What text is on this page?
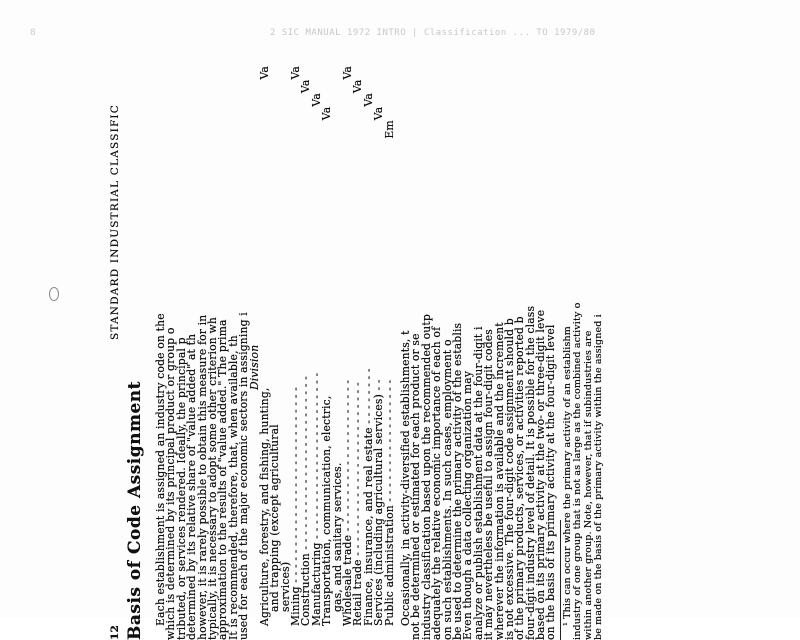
8	2 SIC MANUAL 1972 INTRO | Classification ... TO 1979/80
12
STANDARD INDUSTRIAL CLASSIFIC
Basis of Code Assignment Each establishment is assigned an industry code on the
which is determined by its principal product or group o
tributed, or services rendered. Ideally, the principal p
determined by its relative share of "value added" at th
however, it is rarely possible to obtain this measure for in
typically, it is necessary to adopt some other criterion wh
approximation to the results of "value added." The prima
It is recommended, therefore, that, when available, th
used for each of the major economic sectors in assigning i
Division
Agriculture, forestry, and fishing, hunting,
Va
and trapping (except agricultural
services)
Mining - - - - - - - - - - - - - - - - - - - - - - - - - - -
Va
Construction - - - - - - - - - - - - - - - - - - - - - - - -
Va
Manufacturing - - - - - - - - - - - - - - - - - - - - - - -
Va
Transportation, communication, electric,
Va
gas, and sanitary services.
Wholesale trade - - - - - - - - - - - - - - - - - - - - -
Va
Retail trade - - - - - - - - - - - - - - - - - - - - - - - -
Va
Finance, insurance, and real estate - - - - - - - -
Va
Services (including agricultural services) - -
Va
Public administration - - - - - - - - - - - - - - - - -
Em
Occasionally, in activity-diversified establishments, t
not be determined or estimated for each product or se
industry classification based upon the recommended outp
adequately the relative economic importance of each of
on such establishments. In such cases, employment o
be used to determine the primary activity of the establis
Even though a data collecting organization may
analyze or publish establishment data at the four-digit i
it may nevertheless be useful to assign four-digit codes
wherever the information is available and the increment
is not excessive. The four-digit code assignment should b
of the primary products, services, or activities reported b
four-digit industry level of detail. It is possible for the class
based on its primary activity at the two- or three-digit leve
on the basis of its primary activity at the four-digit level ¹ This can occur where the primary activity of an establishm industry of one group that is not as large as the combined activity o within another group. Note, however, that if subindustries are be made on the basis of the primary activity within the assigned i
